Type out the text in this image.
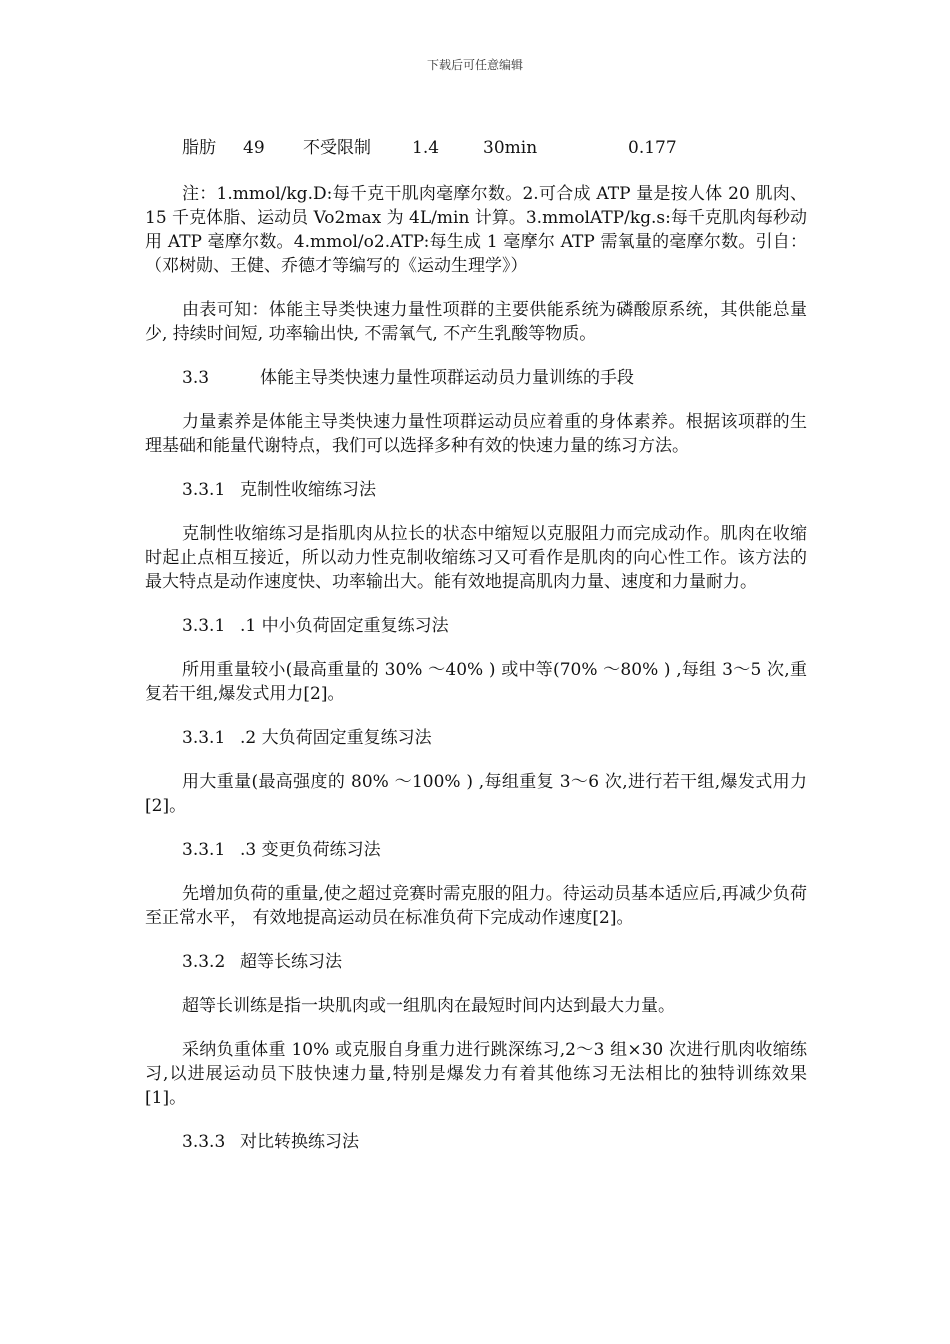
下载后可任意编辑
脂肪 49 不受限制 1.4	30min	0.177

注：1.mmol/kg.D:每千克干肌肉毫摩尔数。2.可合成 ATP 量是按人体 20 肌肉、15 千克体脂、运动员 Vo2max 为 4L/min 计算。3.mmolATP/kg.s:每千克肌肉每秒动用 ATP 毫摩尔数。4.mmol/o2.ATP:每生成 1 毫摩尔 ATP 需氧量的毫摩尔数。引自：（邓树勋、王健、乔德才等编写的《运动生理学》）

由表可知：体能主导类快速力量性项群的主要供能系统为磷酸原系统，其供能总量少, 持续时间短, 功率输出快, 不需氧气, 不产生乳酸等物质。

3.3	体能主导类快速力量性项群运动员力量训练的手段

力量素养是体能主导类快速力量性项群运动员应着重的身体素养。根据该项群的生理基础和能量代谢特点，我们可以选择多种有效的快速力量的练习方法。

3.3.1 克制性收缩练习法

克制性收缩练习是指肌肉从拉长的状态中缩短以克服阻力而完成动作。肌肉在收缩时起止点相互接近，所以动力性克制收缩练习又可看作是肌肉的向心性工作。该方法的最大特点是动作速度快、功率输出大。能有效地提高肌肉力量、速度和力量耐力。

3.3.1 .1 中小负荷固定重复练习法

所用重量较小(最高重量的 30% ～40% ) 或中等(70% ～80% ) ,每组 3～5 次,重复若干组,爆发式用力[2]。

3.3.1 .2 大负荷固定重复练习法

用大重量(最高强度的 80% ～100% ) ,每组重复 3～6 次,进行若干组,爆发式用力[2]。

3.3.1 .3 变更负荷练习法

先增加负荷的重量,使之超过竞赛时需克服的阻力。待运动员基本适应后,再减少负荷至正常水平， 有效地提高运动员在标准负荷下完成动作速度[2]。

3.3.2 超等长练习法

超等长训练是指一块肌肉或一组肌肉在最短时间内达到最大力量。

采纳负重体重 10% 或克服自身重力进行跳深练习,2～3 组×30 次进行肌肉收缩练习,以进展运动员下肢快速力量,特别是爆发力有着其他练习无法相比的独特训练效果[1]。

3.3.3 对比转换练习法
